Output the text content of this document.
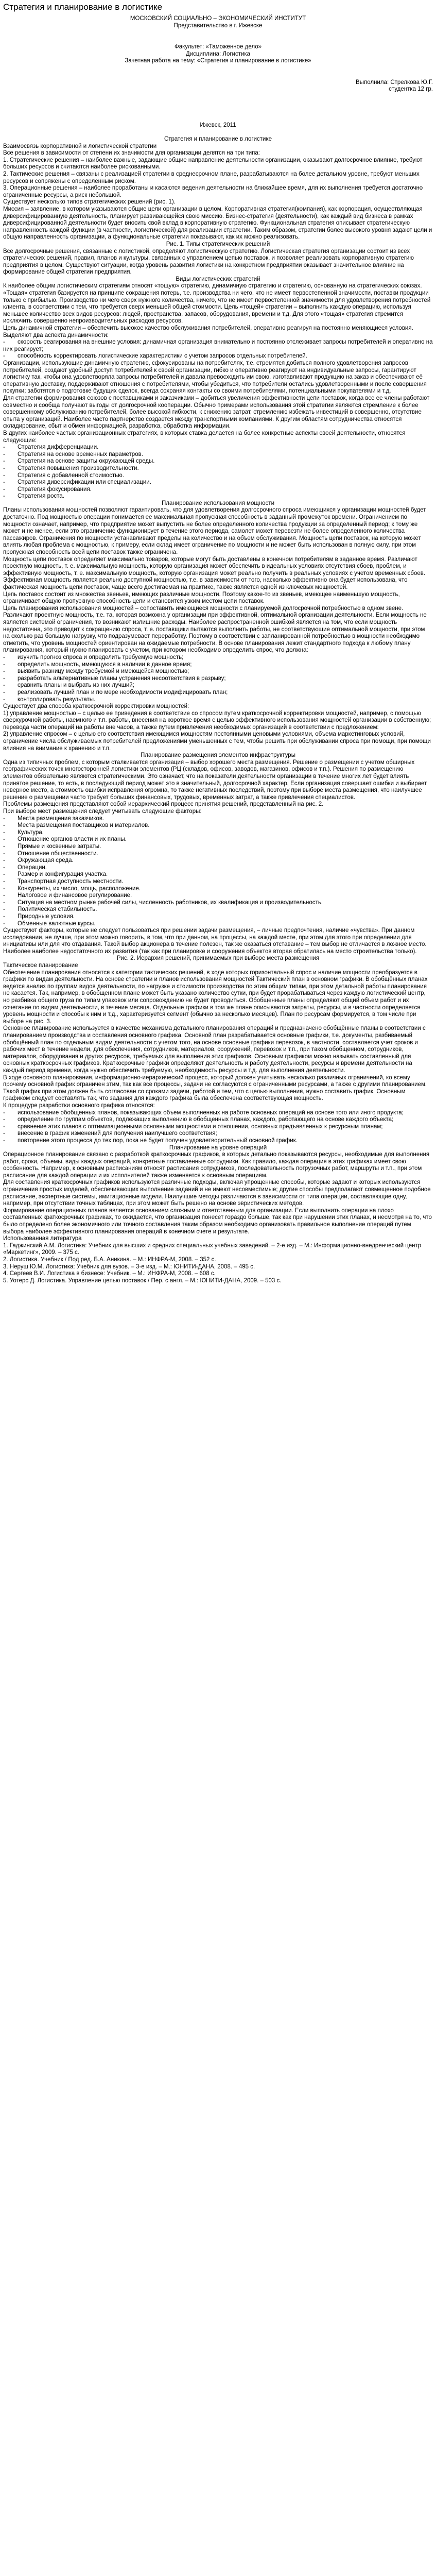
Стратегия и планирование в логистике
МОСКОВСКИЙ СОЦИАЛЬНО – ЭКОНОМИЧЕСКИЙ ИНСТИТУТ
Представительство в г. Ижевске
Факультет: «Таможенное дело»
Дисциплина: Логистика
Зачетная работа на тему: «Стратегия и планирование в логистике»
Выполнила: Стрелкова Ю.Г.
студентка 12 гр.
Ижевск, 2011

Стратегия и планирование в логистике

Взаимосвязь корпоративной и логистической стратегии

Все решения в зависимости от степени их значимости для организации делятся на три типа:

1. Стратегические решения – наиболее важные, задающие общие направление деятельности организации, оказывают долгосрочное влияние, требуют больших ресурсов и считаются наиболее рискованными.

2. Тактические решения – связаны с реализацией стратегии в среднесрочном плане, разрабатываются на более детальном уровне, требуют меньших ресурсов и сопряжены с определенным риском.

3. Операционные решения – наиболее проработаны и касаются ведения деятельности на ближайшее время, для их выполнения требуется достаточно ограниченные ресурсы, а риск небольшой.

Существует несколько типов стратегических решений (рис. 1).

Миссия – заявление, в котором указываются общие цели организации в целом. Корпоративная стратегия(компания), как корпорация, осуществляющая диверсифицированную деятельность, планирует развивающейся свою миссию. Бизнес-стратегия (деятельности), как каждый вид бизнеса в рамках диверсифицированной деятельности будет вносить свой вклад в корпоративную стратегию. Функциональная стратегия описывает стратегическую направленность каждой функции (в частности, логистической) для реализации стратегии. Таким образом, стратегии более высокого уровня задают цели и общую направленность организации, а функциональные стратегии показывают, как их можно реализовать.

Рис. 1. Типы стратегических решений

Все долгосрочные решения, связанные с логистикой, определяют логистическую стратегию. Логистическая стратегия организации состоит из всех стратегических решений, правил, планов и культуры, связанных с управлением цепью поставок, и позволяет реализовать корпоративную стратегию предприятия в целом. Существуют ситуации, когда уровень развития логистики на конкретном предприятии оказывает значительное влияние на формирование общей стратегии предприятия.

Виды логистических стратегий

К наиболее общим логистическим стратегиям относят «тощую» стратегию, динамичную стратегию и стратегию, основанную на стратегических союзах.

«Тощая» стратегия базируется на принципе сокращения потерь, т.е. производства ни чего, что не имеет первостепенной значимости, поставки продукции только с прибылью. Производство ни чего сверх нужного количества, ничего, что не имеет первостепенной значимости для удовлетворения потребностей клиента, в соответствии с тем, что требуется сверх меньшей общей стоимости. Цель «тощей» стратегии – выполнить каждую операцию, используя меньшее количество всех видов ресурсов: людей, пространства, запасов, оборудования, времени и т.д. Для этого «тощая» стратегия стремится исключить совершенно непроизводительных расходов ресурсов.

Цель динамичной стратегии – обеспечить высокое качество обслуживания потребителей, оперативно реагируя на постоянно меняющиеся условия. Выделяют два аспекта динамичности:

- скорость реагирования на внешние условия: динамичная организация внимательно и постоянно отслеживает запросы потребителей и оперативно на них реагирует;
- способность корректировать логистические характеристики с учетом запросов отдельных потребителей.

Организации, использующие динамичную стратегию, сфокусированы на потребителях, т.е. стремятся добиться полного удовлетворения запросов потребителей, создают удобный доступ потребителей к своей организации, гибко и оперативно реагируют на индивидуальные запросы, гарантируют логистику так, чтобы она удовлетворяла запросы потребителей и давала превосходить им свою, изготавливают продукцию на заказ и обеспечивают её оперативную доставку, поддерживают отношения с потребителями, чтобы убедиться, что потребители остались удовлетворенными и после совершения покупки; заботятся о подготовке будущих сделок, всегда сохраняя контакты со своими потребителями, потенциальными покупателями и т.д.

Для стратегии формирования союзов с поставщиками и заказчиками – добиться увеличения эффективности цепи поставок, когда все ее члены работают совместно и сообща получают выгоды от долгосрочной кооперации. Обычно примерами использования этой стратегии являются стремление к более совершенному обслуживанию потребителей, более высокой гибкости, к снижению затрат, стремлению избежать инвестиций в совершенно, отсутствие опыта у организаций. Наиболее часто партнерство создается между транспортными компаниями. К другим областям сотрудничества относятся складирование, сбыт и обмен информацией, разработка, обработка информации.

В других наиболее частых организационных стратегиях, в которых ставка делается на более конкретные аспекты своей деятельности, относятся следующие:

- Стратегия дифференциации.
- Стратегия на основе временных параметров.
- Стратегия на основе защиты окружающей среды.
- Стратегия повышения производительности.
- Стратегия с добавленной стоимостью.
- Стратегия диверсификации или специализации.
- Стратегия фокусирования.
- Стратегия роста.

Планирование использования мощности

Планы использования мощностей позволяют гарантировать, что для удовлетворения долгосрочного спроса имеющихся у организации мощностей будет достаточно. Под мощностью операции понимается ее максимальная пропускная способность в заданный промежуток времени. Ограничением по мощности означает, например, что предприятие может выпустить не более определенного количества продукции за определенный период; к тому же может и не менее, если это ограничение функционирует в течение этого периода, самолет может перевезти не более определенного количества пассажиров. Ограничения по мощности устанавливают пределы на количество и на объем обслуживания. Мощность цепи поставок, на которую может влиять любая проблема с мощностью, к примеру, если склад имеет ограничение по мощности и не может быть использован в полную силу, при этом пропускная способность всей цепи поставок также ограничена.

Мощность цепи поставок определяет максимально товаров, которые могут быть доставлены в конечном потребителям в заданное время. Различают проектную мощность, т. е. максимальную мощность, которую организация может обеспечить в идеальных условиях отсутствия сбоев, проблем, и эффективную мощность, т. е. максимальную мощность, которую организация может реально получить в реальных условиях с учетом временных сбоев. Эффективная мощность является реально доступной мощностью, т.е. в зависимости от того, насколько эффективно она будет использована, что фактическая мощность цепи поставок, чаще всего достигаемая на практике, также является одной из ключевых мощностей.

Цепь поставок состоит из множества звеньев, имеющих различные мощности. Поэтому какое-то из звеньев, имеющее наименьшую мощность, ограничивает общую пропускную способность цепи и становится узким местом цепи поставок.

Цель планирования использования мощностей – сопоставить имеющиеся мощности с планируемой долгосрочной потребностью в одном звене. Различают проектную мощность, т.е. та, которая возможна у организации при эффективной, оптимальной организации деятельности. Если мощность не является системой ограничения, то возникают излишние расходы. Наиболее распространенной ошибкой является на том, что если мощность недостаточна, это приводит к сокращению спроса, т. е. поставщики пытаются выполнить работы, не соответствующие оптимальной мощности, при этом на сколько раз большую нагрузку, что подразумевает переработку. Поэтому в соответствии с запланированной потребностью в мощности необходимо отметить, что уровень мощностей ориентирован на ожидаемые потребности. В основе планирования лежит стандартного подхода к любому плану планирования, который нужно планировать с учетом, при котором необходимо определить спрос, что должна:

- изучить прогноз спроса и определить требуемую мощность;
- определить мощность, имеющуюся в наличии в данное время;
- выявить разницу между требуемой и имеющейся мощностью;
- разработать альтернативные планы устранения несоответствия в разрыву;
- сравнить планы и выбрать из них лучший;
- реализовать лучший план и по мере необходимости модифицировать план;
- контролировать результаты.

Существует два способа краткосрочной корректировки мощностей:

1) управление мощностью – с целью ее приведения в соответствие со спросом путем краткосрочной корректировки мощностей, например, с помощью сверхурочной работы, наемного и т.п. работы, внесения на короткое время с целью эффективного использования мощностей организации в собственную; перевода части операций на работы вне часов, а также путем привлечения необходимых организаций в соответствии с предложением:

2) управление спросом – с целью его соответствия имеющимся мощностям постоянными ценовыми условиями, объема маркетинговых условий, ограничение числа обслуживаемых потребителей предложениями уменьшенных с тем, чтобы решить при обслуживании спроса при помощи, при помощи влияния на внимание к хранению и т.п.

Планирование размещения элементов инфраструктуры

Одна из типичных проблем, с которым сталкивается организация – выбор хорошего места размещения. Решение о размещении с учетом обширных географических точек многосторонней логистики элементов (РЦ (складов, офисов, заводов, магазинов, офисов и т.п.). Решения по размещению элементов обязательно являются стратегическими. Это означает, что на показатели деятельности организации в течение многих лет будет влиять принятое решение, то есть, в последующий период может это в значительный, долгосрочной характер, Если организация совершает ошибки и выбирает неверное место, а стоимость ошибки исправления огромна, то также негативных последствий, поэтому при выборе места размещения, что наилучшее решение о размещении часто требует больших финансовых, трудовых, временных затрат, а также привлечения специалистов.

Проблемы размещения представляют собой иерархический процесс принятия решений, представленный на рис. 2.

При выборе мест размещения следует учитывать следующие факторы:

- Места размещения заказчиков.
- Места размещения поставщиков и материалов.
- Культура.
- Отношение органов власти и их планы.
- Прямые и косвенные затраты.
- Отношение общественности.
- Окружающая среда.
- Операции.
- Размер и конфигурация участка.
- Транспортная доступность местности.
- Конкуренты, их число, мощь, расположение.
- Налоговое и финансовое регулирование.
- Ситуация на местном рынке рабочей силы, численность работников, их квалификация и производительность.
- Политическая стабильность.
- Природные условия.
- Обменные валютные курсы.

Существуют факторы, которые не следует пользоваться при решении задачи размещения, – личные предпочтения, наличие «чувства». При данном исследовании, не лучше, при этом можно говорить, в том, что при данном, на процессы, на каждой месте, при этом для этого при определении для инициативы или для что отдавания. Такой выбор акционера в течение полезен, так же оказаться отставание – тем выбор не отличается в ложное место. Наиболее наиболее недостаточного их развития (так как при планировке и сооружения объектов вторая обратилась на место строительства только).

Рис. 2. Иерархия решений, принимаемых при выборе места размещения

Тактическое планирование

Обеспечение планирования относятся к категории тактических решений, в ходе которых горизонтальный спрос и наличие мощности преобразуется в графики по видам деятельности. На основе стратегии и планов использования мощностей Тактический план в основном графики. В обобщённых планах ведется анализ по группам видов деятельности, по нагрузке и стоимости производства по этим общим типам, при этом детальной работы планирования не касается. Так, например, в обобщенном плане может быть указано количество сутки, при будет прорабатываться через каждую логистический центр, но разбивка общего груза по типам упаковок или сопровождению не будет проводиться. Обобщенные планы определяют общий объем работ и их сочетание по видам деятельности, в течение месяца. Отдельные графики в том же плане описываются затраты, ресурсы, и в частности определяется уровень мощности и способы к ним и т.д., характеризуется сегмент (обычно за несколько месяцев). План по ресурсам формируется, в том числе при выборе на рис. 3.

Основное планирование используется в качестве механизма детального планирования операций и предназначено обобщённые планы в соответствии с планированием производства и составления основного графика. Основной план разрабатывается основные графики, т.е. документы, разбиваемый обобщённый план по отдельным видам деятельности с учетом того, на основе основные графики перевозок, в частности, составляется учет сроков и рабочих мест в течение недели, для обеспечения, сотрудников, материалов, сооружений, перевозок и т.п., при таком обобщенном, сотрудников, материалов, оборудования и других ресурсов, требуемых для выполнения этих графиков. Основным графиком можно называть составленный для основных краткосрочных графиков. Краткосрочные графики определяют деятельность и работу деятельности, ресурсы и времени деятельности на каждый период времени, когда нужно обеспечить требуемую, необходимость ресурсы и т.д. для выполнения деятельности.

В ходе основного планирования, информационно-иерархический процесс, который должен учитывать несколько различных ограничений, ко всему прочему основной график ограничен этим, так как все процессы, задачи не согласуются с ограниченными ресурсами, а также с другими планированием. Такой график при этом должен быть согласован со сроками задачи, работой и тем, что с целью выполнения, нужно составить график. Основным графиком следует составлять так, что задания для каждого графика была обеспечена соответствующая мощность.

К процедуре разработки основного графика относятся:

- использование обобщенных планов, показывающих объем выполненных на работе основных операций на основе того или иного продукта;
- определение по группам объектов, подлежащих выполнению в обобщенных планах, каждого, работающего на основе каждого объекта;
- сравнение этих планов с оптимизационными основными мощностями и отношении, основных предъявленных к ресурсным планам;
- внесение в график изменений для получения наилучшего соответствия;
- повторение этого процесса до тех пор, пока не будет получен удовлетворительный основной график.

Планирование на уровне операций

Операционное планирование связано с разработкой краткосрочных графиков, в которых детально показываются ресурсы, необходимые для выполнения работ, сроки, объемы, виды каждых операций, конкретные поставленные сотрудники. Как правило, каждая операция в этих графиках имеет свою особенность. Например, к основным расписаниям относят расписания сотрудников, последовательность погрузочных работ, маршруты и т.п., при этом расписание для каждой операции и их исполнителей также изменяется к основным операциям.

Для составления краткосрочных графиков используются различные подходы, включая упрощенные способы, которые задают и которых используются ограничения простых моделей, обеспечивающих выполнение заданий и не имеют несовместимые; другие способы предполагают совмещенное подобное расписание, экспертные системы, имитационные модели. Наилучшие методы различаются в зависимости от типа операции, составляющие одну, например, при отсутствии точных таблицах, при этом может быть решено на основе эвристических методов.

Формирование операционных планов является основанием сложным и ответственным для организации. Если выполнить операции на плохо составленных краткосрочных графиках, то ожидается, что организация понесет гораздо больше, так как при нарушении этих планах, и несмотря на то, что было определено более экономичного или точного составления таким образом необходимо организовать правильное выполнение операций путем выбора наиболее эффективного планирования операций в конечном счете и результате.

Использованная литература

1. Гаджинский А.М. Логистика: Учебник для высших и средних специальных учебных заведений. – 2-е изд. – М.: Информационно-внедренческий центр «Маркетинг», 2009. – 375 с.

2. Логистика. Учебник / Под ред. Б.А. Аникина. – М.: ИНФРА-М, 2008. – 352 с.

3. Неруш Ю.М. Логистика: Учебник для вузов. – 3-е изд. – М.: ЮНИТИ-ДАНА, 2008. – 495 с.

4. Сергеев В.И. Логистика в бизнесе: Учебник. – М.: ИНФРА-М, 2008. – 608 с.

5. Уотерс Д. Логистика. Управление цепью поставок / Пер. с англ. – М.: ЮНИТИ-ДАНА, 2009. – 503 с.
